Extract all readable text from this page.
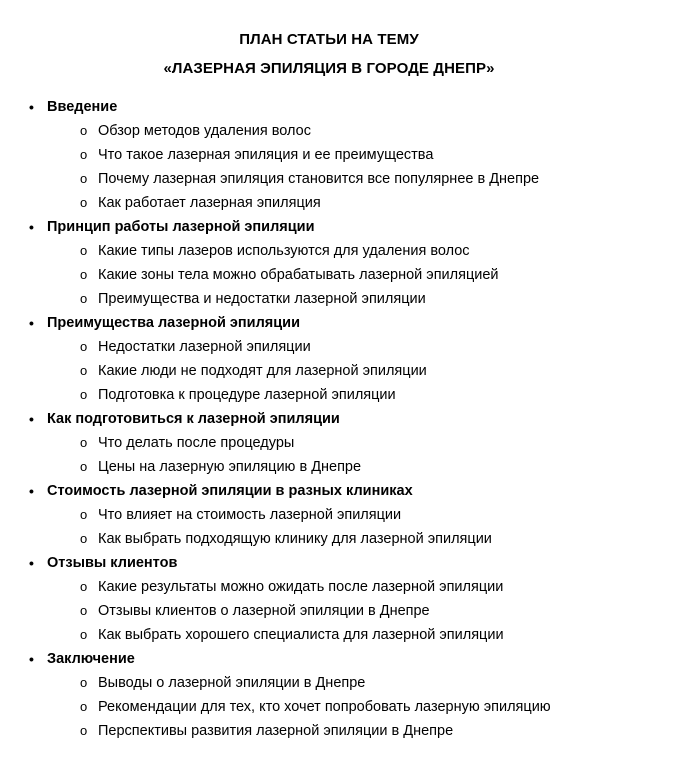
ПЛАН СТАТЬИ НА ТЕМУ
«ЛАЗЕРНАЯ ЭПИЛЯЦИЯ В ГОРОДЕ ДНЕПР»
• Введение
o Обзор методов удаления волос
o Что такое лазерная эпиляция и ее преимущества
o Почему лазерная эпиляция становится все популярнее в Днепре
o Как работает лазерная эпиляция
• Принцип работы лазерной эпиляции
o Какие типы лазеров используются для удаления волос
o Какие зоны тела можно обрабатывать лазерной эпиляцией
o Преимущества и недостатки лазерной эпиляции
• Преимущества лазерной эпиляции
o Недостатки лазерной эпиляции
o Какие люди не подходят для лазерной эпиляции
o Подготовка к процедуре лазерной эпиляции
• Как подготовиться к лазерной эпиляции
o Что делать после процедуры
o Цены на лазерную эпиляцию в Днепре
• Стоимость лазерной эпиляции в разных клиниках
o Что влияет на стоимость лазерной эпиляции
o Как выбрать подходящую клинику для лазерной эпиляции
• Отзывы клиентов
o Какие результаты можно ожидать после лазерной эпиляции
o Отзывы клиентов о лазерной эпиляции в Днепре
o Как выбрать хорошего специалиста для лазерной эпиляции
• Заключение
o Выводы о лазерной эпиляции в Днепре
o Рекомендации для тех, кто хочет попробовать лазерную эпиляцию
o Перспективы развития лазерной эпиляции в Днепре
